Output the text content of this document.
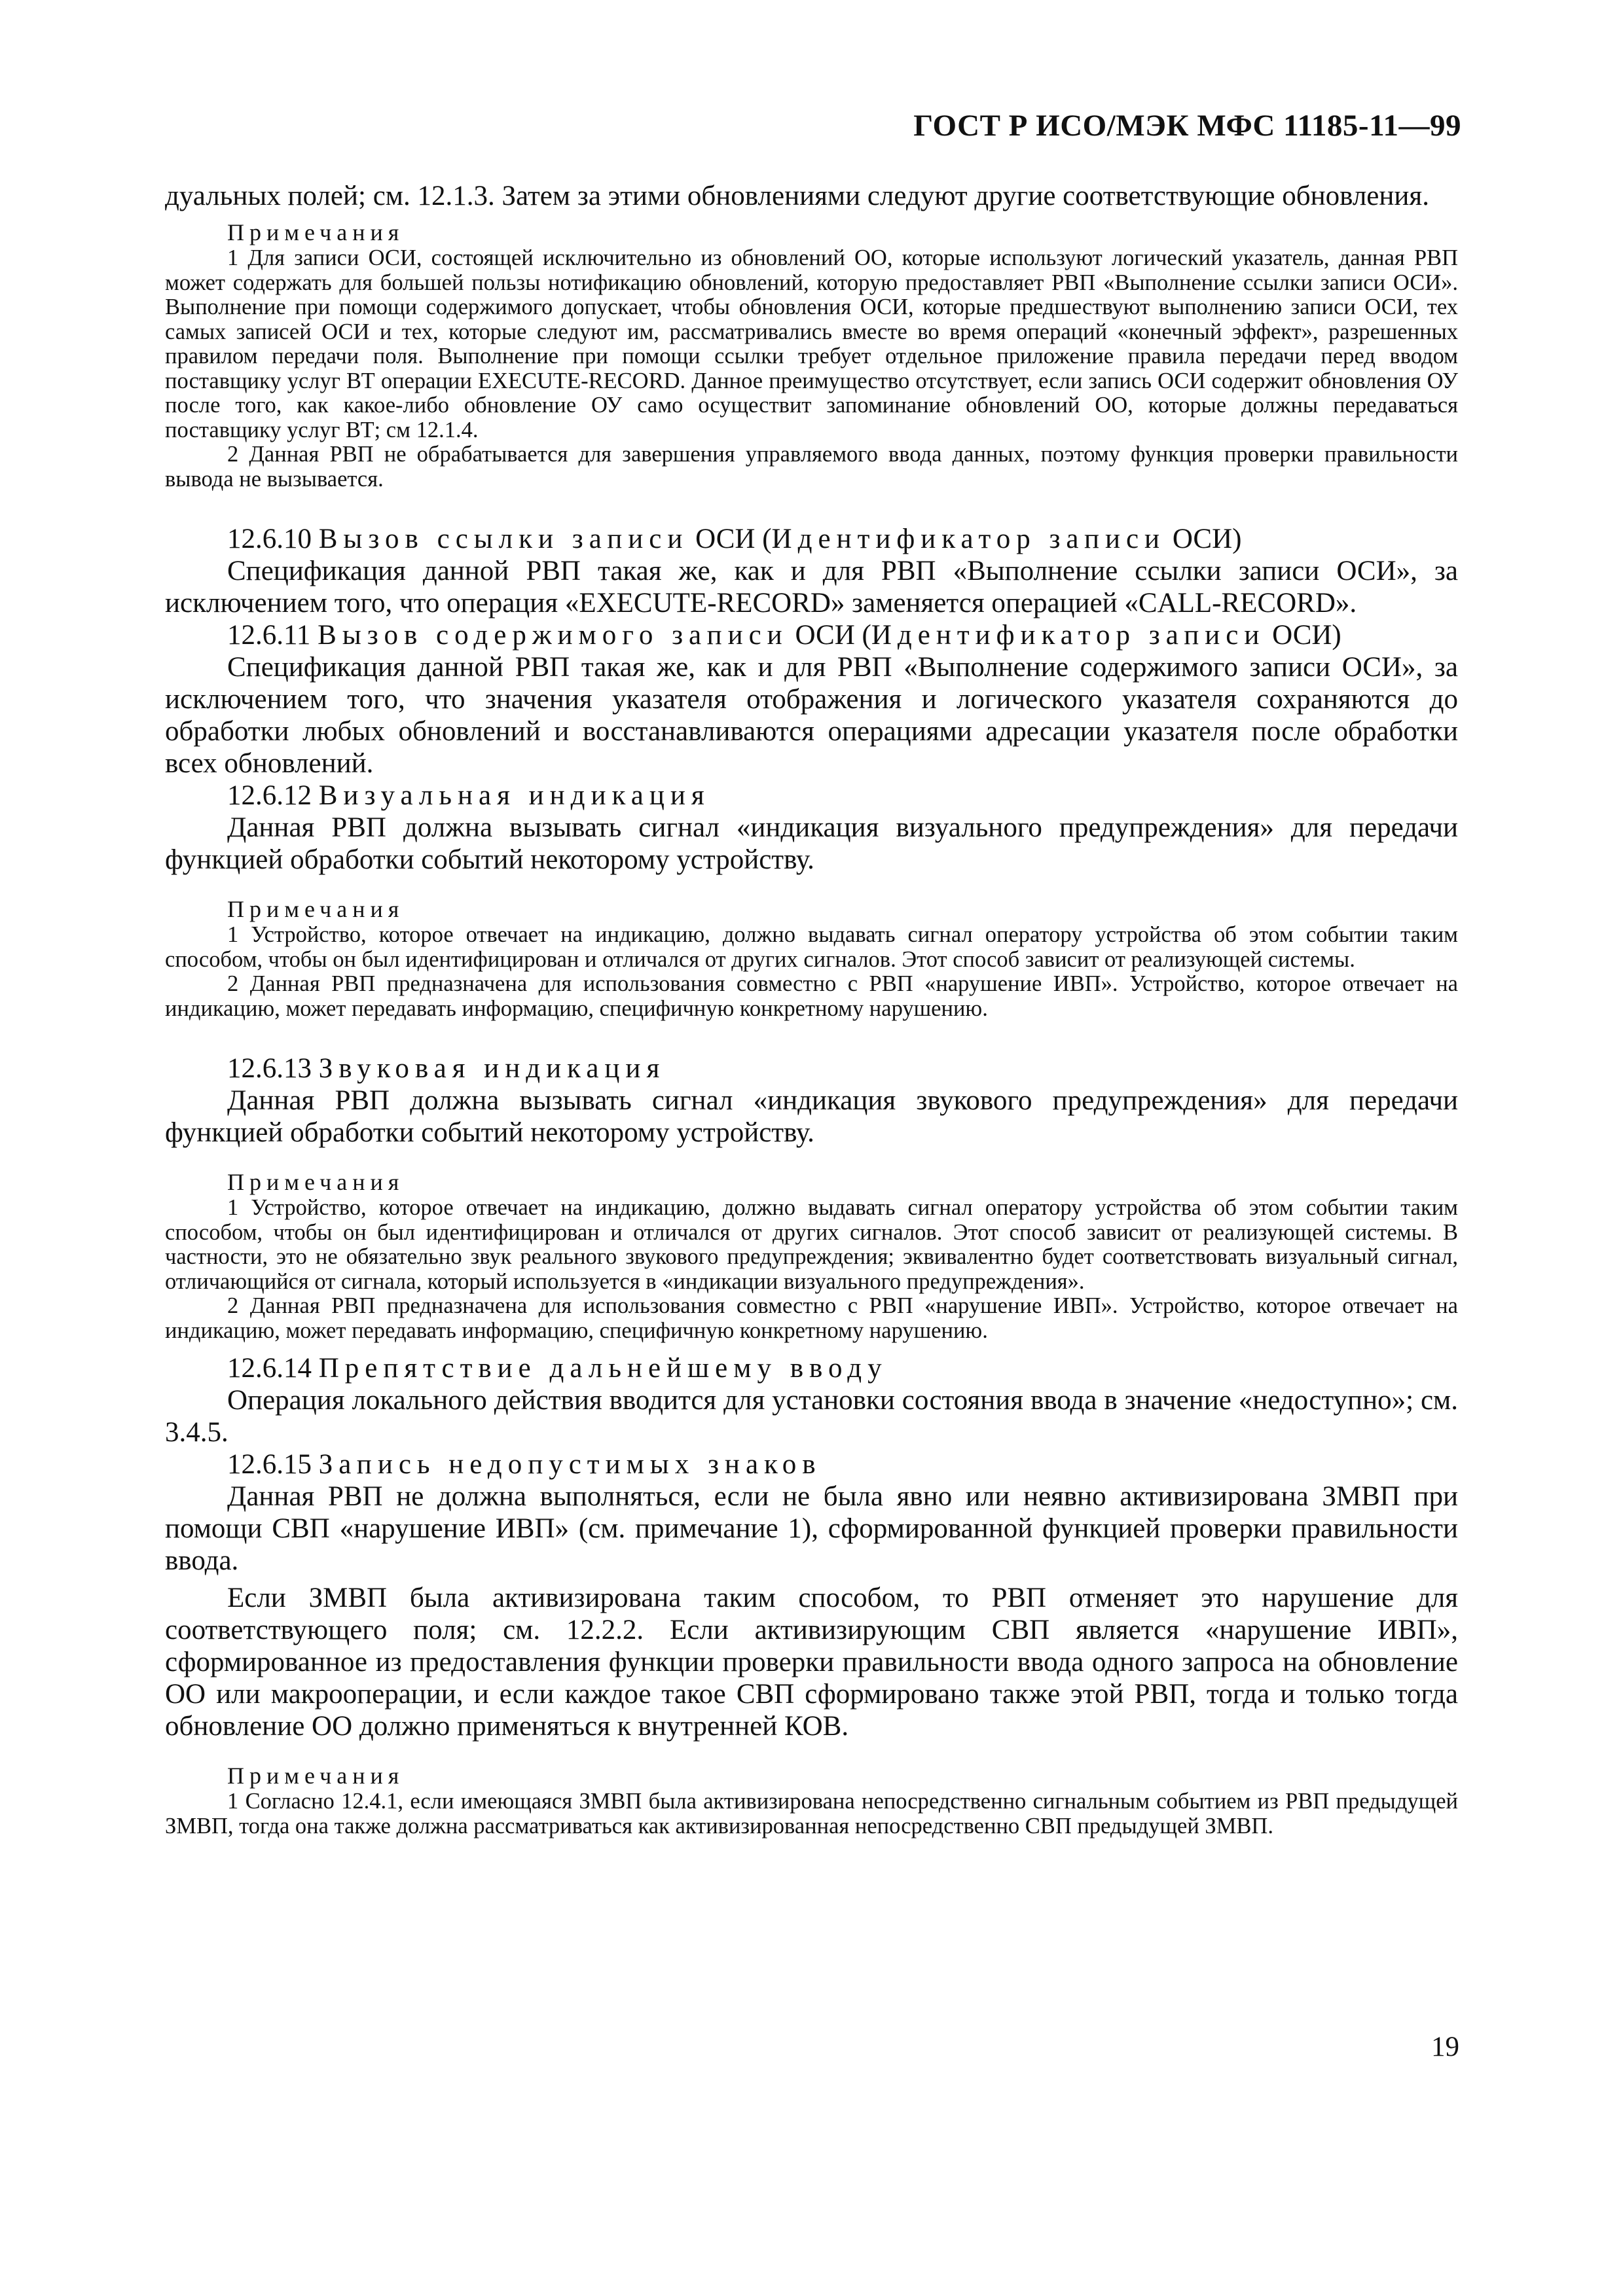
ГОСТ Р ИСО/МЭК МФС 11185-11—99

дуальных полей; см. 12.1.3. Затем за этими обновлениями следуют другие соответствующие обновления.

Примечания

1 Для записи ОСИ, состоящей исключительно из обновлений ОО, которые используют логический указатель, данная РВП может содержать для большей пользы нотификацию обновлений, которую предоставляет РВП «Выполнение ссылки записи ОСИ». Выполнение при помощи содержимого допускает, чтобы обновления ОСИ, которые предшествуют выполнению записи ОСИ, тех самых записей ОСИ и тех, которые следуют им, рассматривались вместе во время операций «конечный эффект», разрешенных правилом передачи поля. Выполнение при помощи ссылки требует отдельное приложение правила передачи перед вводом поставщику услуг ВТ операции EXECUTE-RECORD. Данное преимущество отсутствует, если запись ОСИ содержит обновления ОУ после того, как какое-либо обновление ОУ само осуществит запоминание обновлений ОО, которые должны передаваться поставщику услуг ВТ; см 12.1.4.

2 Данная РВП не обрабатывается для завершения управляемого ввода данных, поэтому функция проверки правильности вывода не вызывается.

12.6.10 Вызов ссылки записи ОСИ (Идентификатор записи ОСИ)

Спецификация данной РВП такая же, как и для РВП «Выполнение ссылки записи ОСИ», за исключением того, что операция «EXECUTE-RECORD» заменяется операцией «CALL-RECORD».

12.6.11 Вызов содержимого записи ОСИ (Идентификатор записи ОСИ)

Спецификация данной РВП такая же, как и для РВП «Выполнение содержимого записи ОСИ», за исключением того, что значения указателя отображения и логического указателя сохраняются до обработки любых обновлений и восстанавливаются операциями адресации указателя после обработки всех обновлений.

12.6.12 Визуальная индикация

Данная РВП должна вызывать сигнал «индикация визуального предупреждения» для передачи функцией обработки событий некоторому устройству.

Примечания

1 Устройство, которое отвечает на индикацию, должно выдавать сигнал оператору устройства об этом событии таким способом, чтобы он был идентифицирован и отличался от других сигналов. Этот способ зависит от реализующей системы.

2 Данная РВП предназначена для использования совместно с РВП «нарушение ИВП». Устройство, которое отвечает на индикацию, может передавать информацию, специфичную конкретному нарушению.

12.6.13 Звуковая индикация

Данная РВП должна вызывать сигнал «индикация звукового предупреждения» для передачи функцией обработки событий некоторому устройству.

Примечания

1 Устройство, которое отвечает на индикацию, должно выдавать сигнал оператору устройства об этом событии таким способом, чтобы он был идентифицирован и отличался от других сигналов. Этот способ зависит от реализующей системы. В частности, это не обязательно звук реального звукового предупреждения; эквивалентно будет соответствовать визуальный сигнал, отличающийся от сигнала, который используется в «индикации визуального предупреждения».

2 Данная РВП предназначена для использования совместно с РВП «нарушение ИВП». Устройство, которое отвечает на индикацию, может передавать информацию, специфичную конкретному нарушению.

12.6.14 Препятствие дальнейшему вводу

Операция локального действия вводится для установки состояния ввода в значение «недоступно»; см. 3.4.5.

12.6.15 Запись недопустимых знаков

Данная РВП не должна выполняться, если не была явно или неявно активизирована ЗМВП при помощи СВП «нарушение ИВП» (см. примечание 1), сформированной функцией проверки правильности ввода.

Если ЗМВП была активизирована таким способом, то РВП отменяет это нарушение для соответствующего поля; см. 12.2.2. Если активизирующим СВП является «нарушение ИВП», сформированное из предоставления функции проверки правильности ввода одного запроса на обновление ОО или макрооперации, и если каждое такое СВП сформировано также этой РВП, тогда и только тогда обновление ОО должно применяться к внутренней КОВ.

Примечания

1 Согласно 12.4.1, если имеющаяся ЗМВП была активизирована непосредственно сигнальным событием из РВП предыдущей ЗМВП, тогда она также должна рассматриваться как активизированная непосредственно СВП предыдущей ЗМВП.

19
